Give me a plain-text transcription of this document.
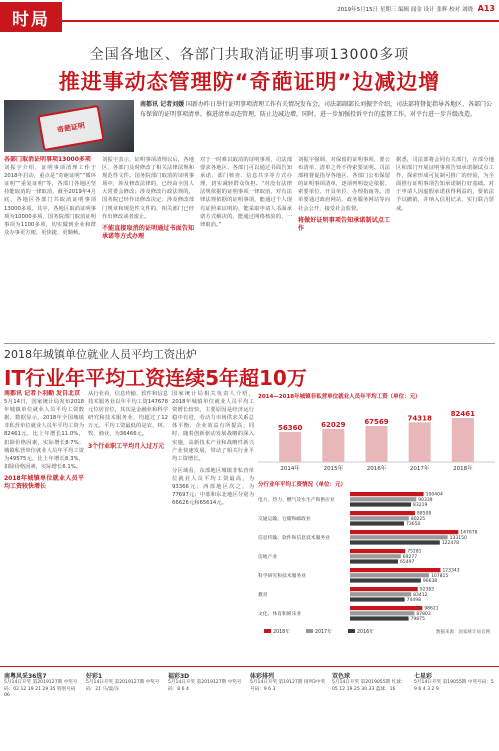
时局	2019年5月15日 星期三 编辑 闻金 设计 张辉 校对 刘晓 A13
全国各地区、各部门共取消证明事项13000多项
推进事动态管理防“奇葩证明”边减边增
奇葩证明
南都讯 记者刘媛 国新办昨日举行证明事项清理工作有关情况发布会，司法部副部长刘振宇介绍，司法部将督促指导各地区、各部门公布保留的证明事项清单，推进清单动态管理，防止边减边增，同时，进一步加强投诉平台的监督工作，对平台进一步升级改造。
各部门取消证明事项13000多项
刘振宇介绍，证明事项清理工作于2018年启动，重点是“奇葩证明”“循环证明”“重复证明”等，各部门各地区坚持能取消的一律取消，截至2019年4月底，各地区各部门共取消证明事项13000多项，其中，各地区取消证明事项为10000多项，国务院部门取消证明事项为1100多项，切实做到企业和群众办事更方便、更快捷、更顺畅。
刘振宇表示，证明事项清理以后，各地区、各部门及时修改了相关法律法规和规范性文件。国务院部门取消的证明事项中，涉及修改法律的，已经由全国人大常委会修改；涉及修改行政法规的，国务院已经作出修改决定；涉及修改部门规章和规范性文件的，相关部门已经作出修改或者废止。
不能直接取消的证明通过书面告知承诺等方式办理
对于一时难以取消的证明事项，司法部要求各地区、各部门可以通过书面告知承诺、部门核查、信息共享等方式办理，切实减轻群众负担。“对没有法律法规依据的证明事项一律取消，对有法律法规依据的证明事项，能通过个人现有证照来证明的、能采取申请人书面承诺方式解决的、能通过网络核验的，一律取消。”
刘振宇强调，对保留的证明事项，要公布清单，清单之外不得索要证明。司法部将督促指导各地区、各部门公布保留的证明事项清单，逐项列明设定依据、索要单位、开具单位、办理指南等。清单要通过政府网站、政务服务网站等向社会公开，接受社会监督。
将做好证明事项告知承诺制试点工作
据悉，司法部将会同有关部门，在部分地区和部门开展证明事项告知承诺制试点工作，探索形成可复制可推广的经验，为全面推行证明事项告知承诺制打好基础。对于申请人因虚假承诺获得利益的，要依法予以撤销，并纳入信用记录，实行联合惩戒。
2018年城镇单位就业人员平均工资出炉
IT行业年平均工资连续5年超10万
南都讯 记者卜羽勤 发自北京
5月14日，国家统计局发布2018年城镇单位就业人员平均工资数据。数据显示，2018年全国城镇非私营单位就业人员年平均工资为82461元，比上年增长11.0%，扣除价格因素，实际增长8.7%；城镇私营单位就业人员年平均工资为49575元，比上年增长8.3%，扣除价格因素，实际增长6.1%。
2018年城镇单位就业人员平均工资较快增长
从行业看，信息传输、软件和信息技术服务业以年平均工资147678元位居首位，其次是金融业和科学研究和技术服务业，均超过了12万元。平均工资最低的是农、林、牧、渔业，为36466元。
3个行业职工平均月入过万元
国家统计局相关负责人介绍，2018年城镇单位就业人员平均工资增长较快，主要原因是经济运行稳中有进，劳动力市场供求关系总体平衡，企业效益有所提高；同时，随着创新驱动发展战略的深入实施，高新技术产业和战略性新兴产业快速发展，带动了相关行业平均工资增长。
分区域看，东部地区城镇非私营单位就业人员平均工资最高，为93366元；西部地区次之，为77697元；中部和东北地区分别为66626元和65614元。
2014—2018年城镇非私营单位就业人员年平均工资（单位：元）
56360
2014年
62029
2015年
67569
2016年
74318
2017年
82461
2018年
分行业年平均工资情况（单位：元）
电力、热力、燃气及水生产和供应业
100404
90339
83219
交通运输、仓储和邮政业
88508
80225
73650
信息传输、软件和信息技术服务业
147678
133150
122478
房地产业
75281
69277
65497
科学研究和技术服务业
123343
107815
96638
教育
92383
83412
74498
文化、体育和娱乐业
98621
87803
79875
2018年	2017年	2016年	数据来源：国家统计局官网
南粤风采36选7
5月14日开奖 第2019127期 中奖号码：02 12 19 21 29 35 特别号码 06
好彩1
5月14日开奖 第2019127期 中奖号码：21 马/夏/东
福彩3D
5月14日开奖 第2019127期 中奖号码：8 6 4
体彩排列
5月14日开奖 第19127期 排列3中奖号码：9 6 3
双色球
5月14日开奖 第2019055期 红球：05 12 19 25 30 33 蓝球：16
七星彩
5月14日开奖 第19055期 中奖号码：5 9 6 4 3 2 9
